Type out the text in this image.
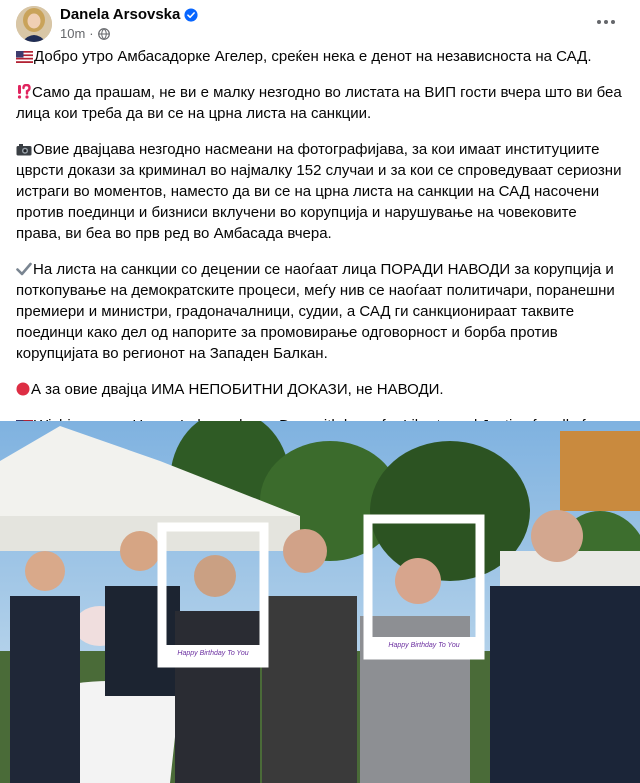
Danela Arsovska
10m ·

Добро утро Амбасадорке Агелер, среќен нека е денот на независноста на САД.

Само да прашам, не ви е малку незгодно во листата на ВИП гости вчера што ви беа лица кои треба да ви се на црна листа на санкции.

Овие двајцава незгодно насмеани на фотографијава, за кои имаат институциите цврсти докази за криминал во најмалку 152 случаи и за кои се спроведуваат сериозни истраги во моментов, наместо да ви се на црна листа на санкции на САД насочени против поединци и бизниси вклучени во корупција и нарушување на човековите права, ви беа во прв ред во Амбасада вчера.

На листа на санкции со децении се наоѓаат лица ПОРАДИ НАВОДИ за корупција и поткопување на демократските процеси, меѓу нив се наоѓаат политичари, поранешни премиери и министри, градоначалници, судии, а САД ги санкционираат таквите поединци како дел од напорите за промовирање одговорност и борба против корупцијата во регионот на Западен Балкан.

А за овие двајца ИМА НЕПОБИТНИ ДОКАЗИ, не НАВОДИ.

Happy Birthday To You
Happy Birthday To You
